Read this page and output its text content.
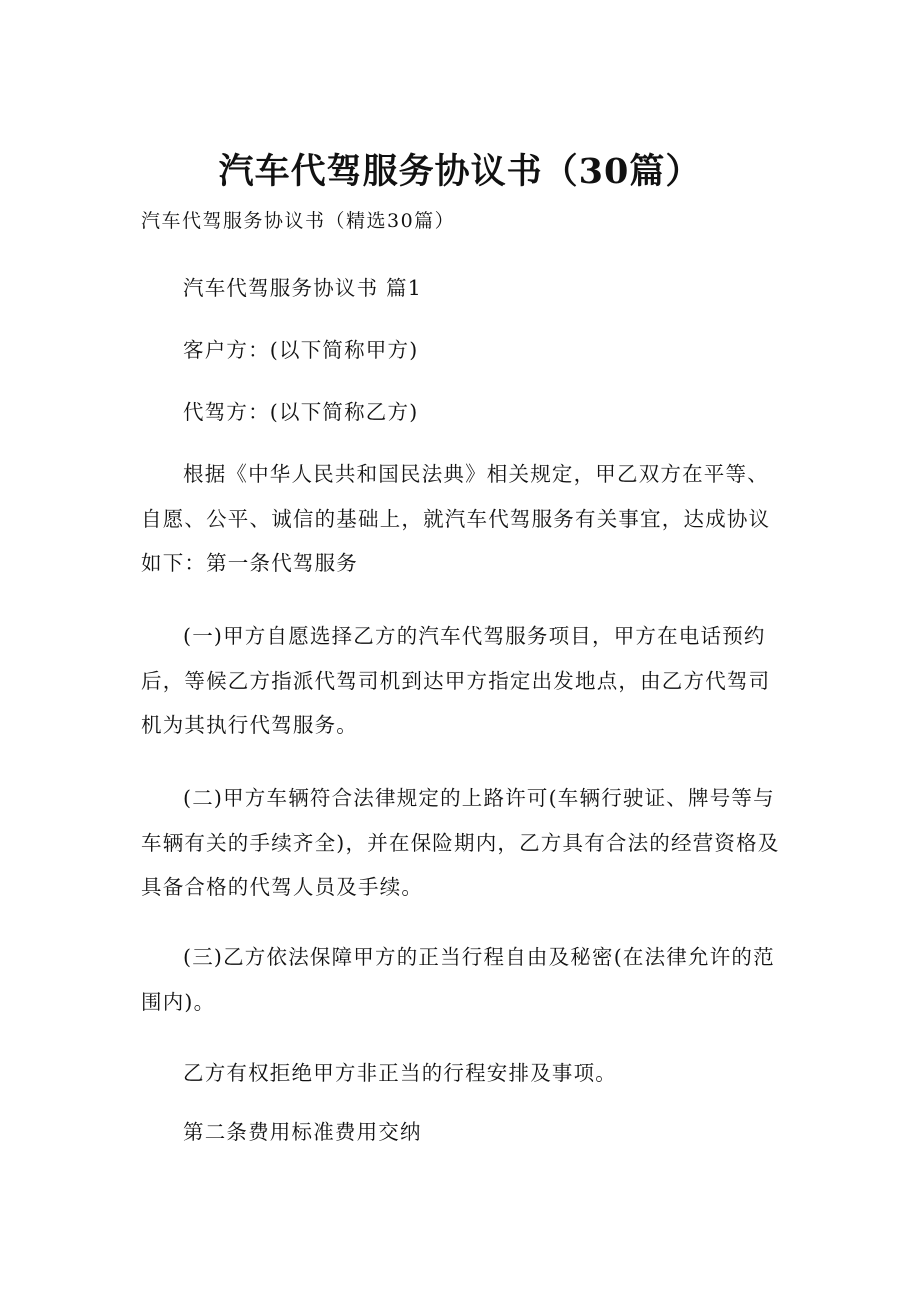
汽车代驾服务协议书（30篇）
汽车代驾服务协议书（精选30篇）
汽车代驾服务协议书 篇1
客户方：(以下简称甲方)
代驾方：(以下简称乙方)
根据《中华人民共和国民法典》相关规定，甲乙双方在平等、自愿、公平、诚信的基础上，就汽车代驾服务有关事宜，达成协议如下：第一条代驾服务
(一)甲方自愿选择乙方的汽车代驾服务项目，甲方在电话预约后，等候乙方指派代驾司机到达甲方指定出发地点，由乙方代驾司机为其执行代驾服务。
(二)甲方车辆符合法律规定的上路许可(车辆行驶证、牌号等与车辆有关的手续齐全)，并在保险期内，乙方具有合法的经营资格及具备合格的代驾人员及手续。
(三)乙方依法保障甲方的正当行程自由及秘密(在法律允许的范围内)。
乙方有权拒绝甲方非正当的行程安排及事项。
第二条费用标准费用交纳
